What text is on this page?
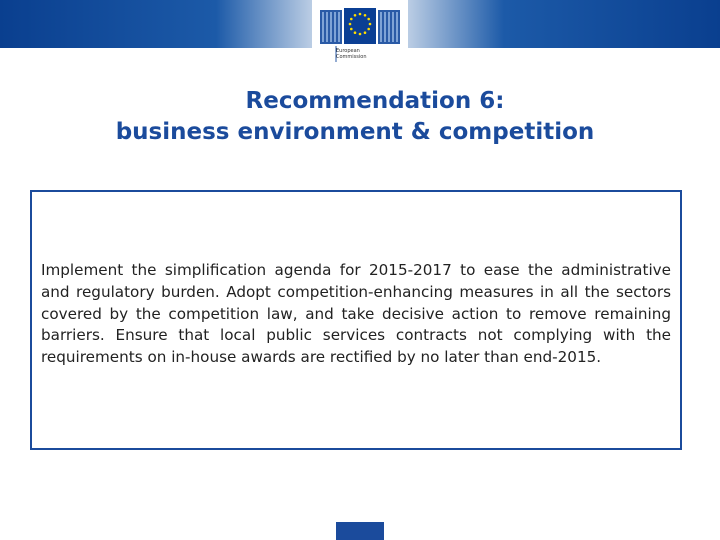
European
Commission
Recommendation 6:
business environment & competition
Implement the simplification agenda for 2015-2017 to ease the administrative and regulatory burden. Adopt competition-enhancing measures in all the sectors covered by the competition law, and take decisive action to remove remaining barriers. Ensure that local public services contracts not complying with the requirements on in-house awards are rectified by no later than end-2015.
